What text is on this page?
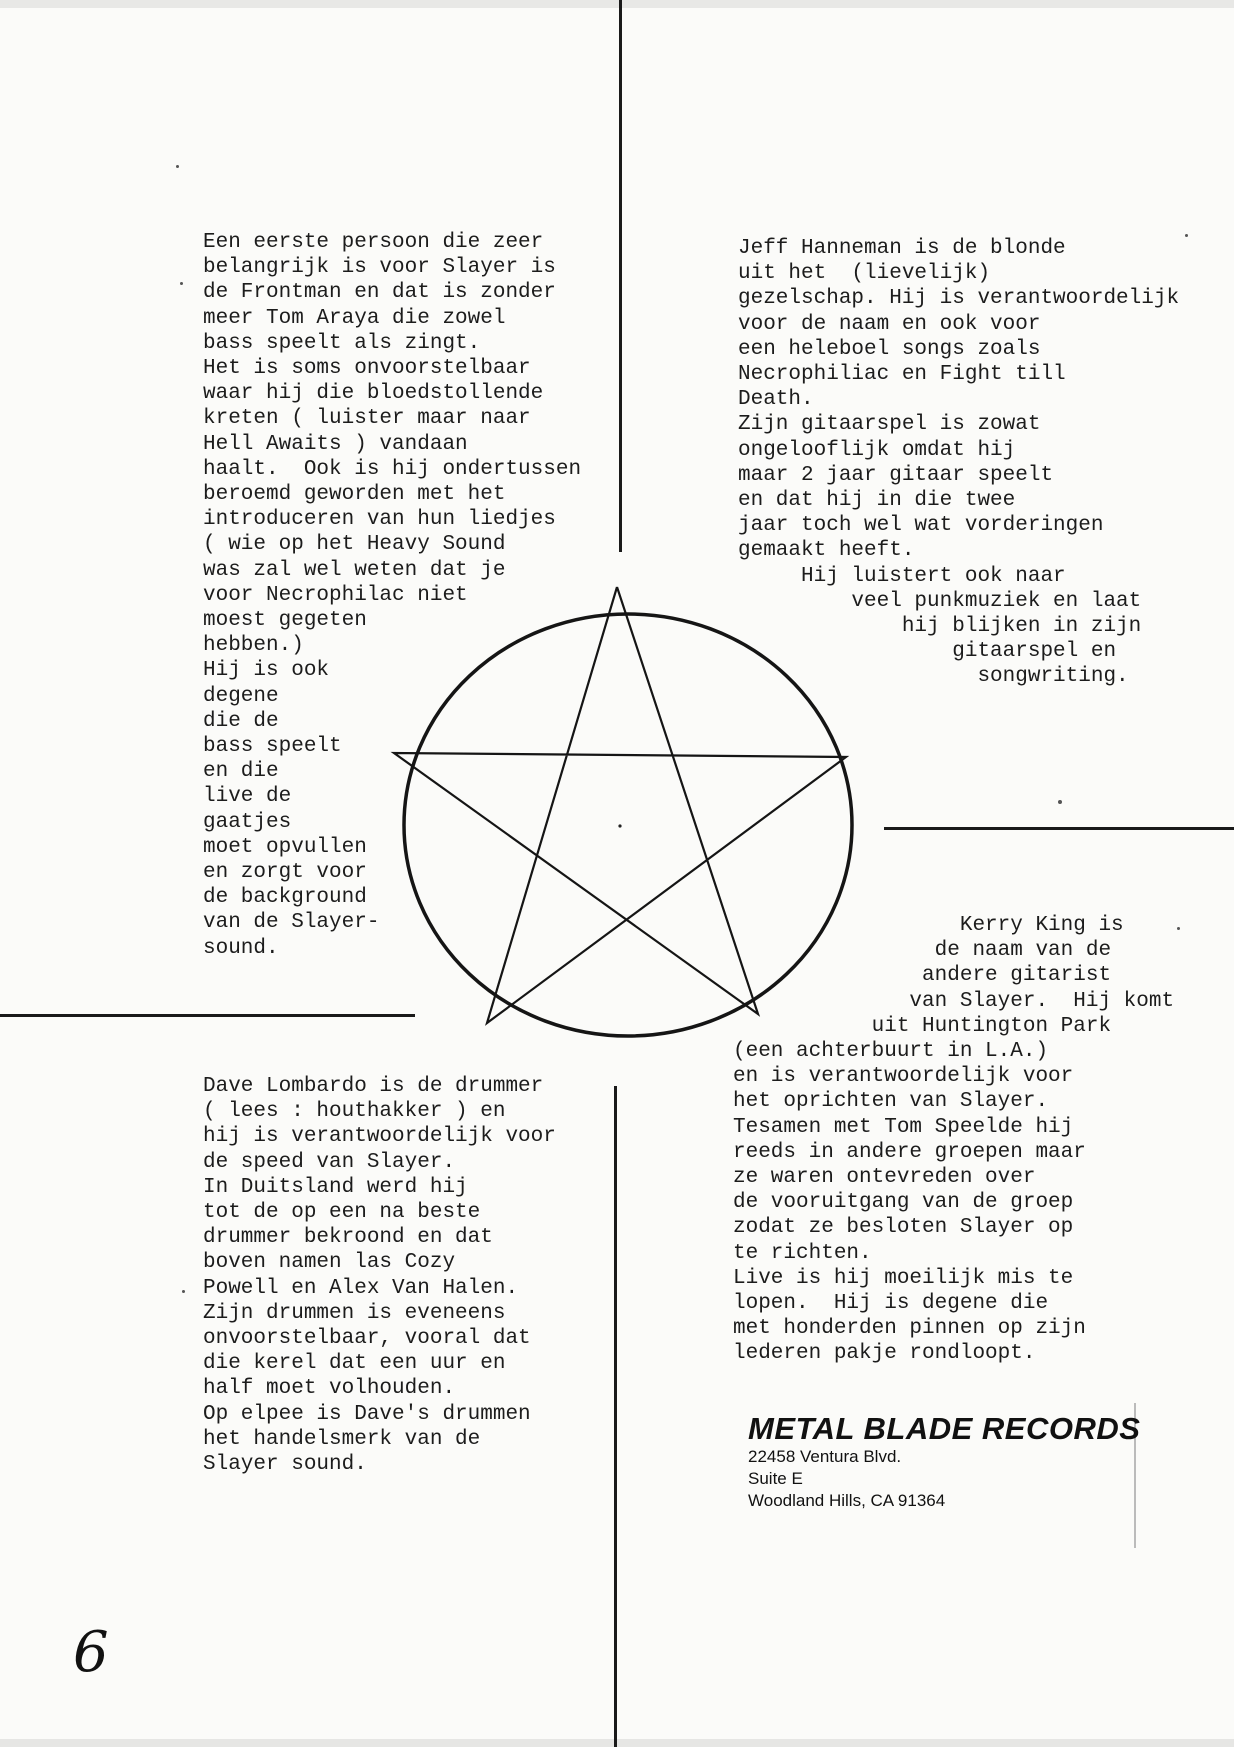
Een eerste persoon die zeer
belangrijk is voor Slayer is
de Frontman en dat is zonder
meer Tom Araya die zowel
bass speelt als zingt.
Het is soms onvoorstelbaar
waar hij die bloedstollende
kreten ( luister maar naar
Hell Awaits ) vandaan
haalt.  Ook is hij ondertussen
beroemd geworden met het
introduceren van hun liedjes
( wie op het Heavy Sound
was zal wel weten dat je
voor Necrophilac niet
moest gegeten
hebben.)
Hij is ook
degene
die de
bass speelt
en die
live de
gaatjes
moet opvullen
en zorgt voor
de background
van de Slayer-
sound.
Jeff Hanneman is de blonde
uit het  (lievelijk)
gezelschap. Hij is verantwoordelijk
voor de naam en ook voor
een heleboel songs zoals
Necrophiliac en Fight till
Death.
Zijn gitaarspel is zowat
ongelooflijk omdat hij
maar 2 jaar gitaar speelt
en dat hij in die twee
jaar toch wel wat vorderingen
gemaakt heeft.
Hij luistert ook naar
veel punkmuziek en laat
hij blijken in zijn
gitaarspel en
songwriting.
Dave Lombardo is de drummer
( lees : houthakker ) en
hij is verantwoordelijk voor
de speed van Slayer.
In Duitsland werd hij
tot de op een na beste
drummer bekroond en dat
boven namen las Cozy
Powell en Alex Van Halen.
Zijn drummen is eveneens
onvoorstelbaar, vooral dat
die kerel dat een uur en
half moet volhouden.
Op elpee is Dave's drummen
het handelsmerk van de
Slayer sound.
Kerry King is
de naam van de
andere gitarist
van Slayer.  Hij komt
uit Huntington Park
(een achterbuurt in L.A.)
en is verantwoordelijk voor
het oprichten van Slayer.
Tesamen met Tom Speelde hij
reeds in andere groepen maar
ze waren ontevreden over
de vooruitgang van de groep
zodat ze besloten Slayer op
te richten.
Live is hij moeilijk mis te
lopen.  Hij is degene die
met honderden pinnen op zijn
lederen pakje rondloopt.
METAL BLADE RECORDS
22458 Ventura Blvd.
Suite E
Woodland Hills, CA 91364
6
